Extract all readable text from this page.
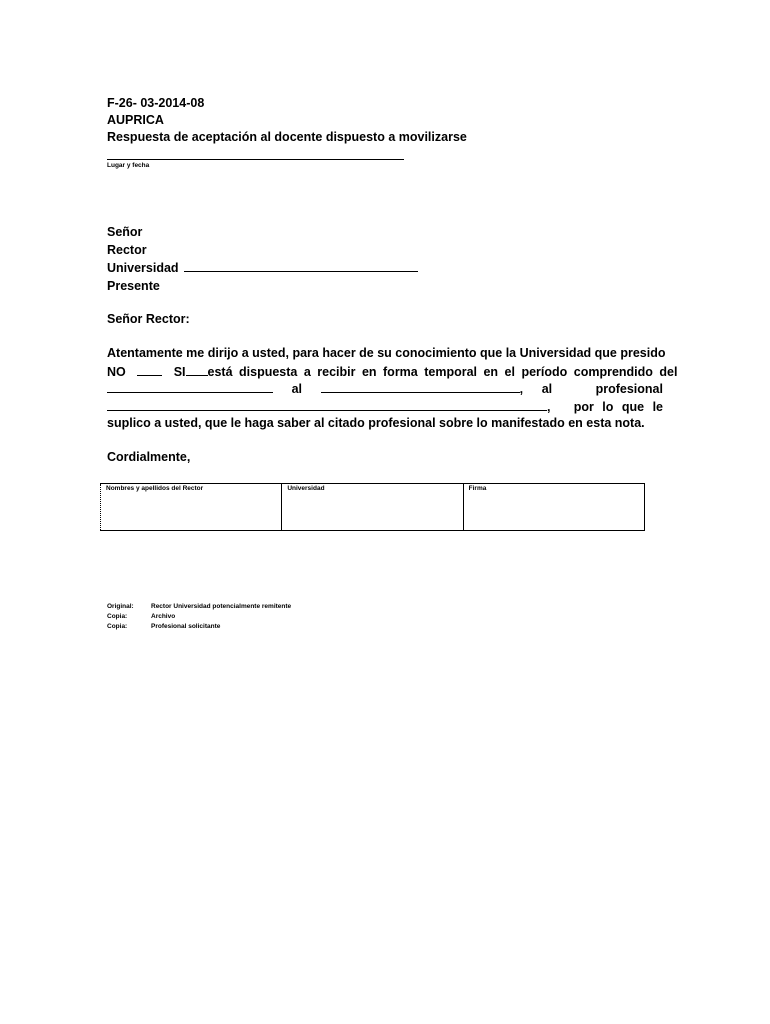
F-26- 03-2014-08
AUPRICA
Respuesta de aceptación al docente dispuesto a movilizarse
Lugar y fecha
Señor
Rector
Universidad
Presente
Señor Rector:
Atentamente me dirijo a usted, para hacer de su conocimiento que la Universidad que presido
NO	SI	está dispuesta a recibir en forma temporal en el período comprendido del
al	, al profesional
, por lo que le
suplico a usted, que le haga saber al citado profesional sobre lo manifestado en esta nota.
Cordialmente,
Nombres y apellidos del Rector	Universidad	Firma
Original:	Rector Universidad potencialmente remitente
Copia:	Archivo
Copia:	Profesional solicitante
